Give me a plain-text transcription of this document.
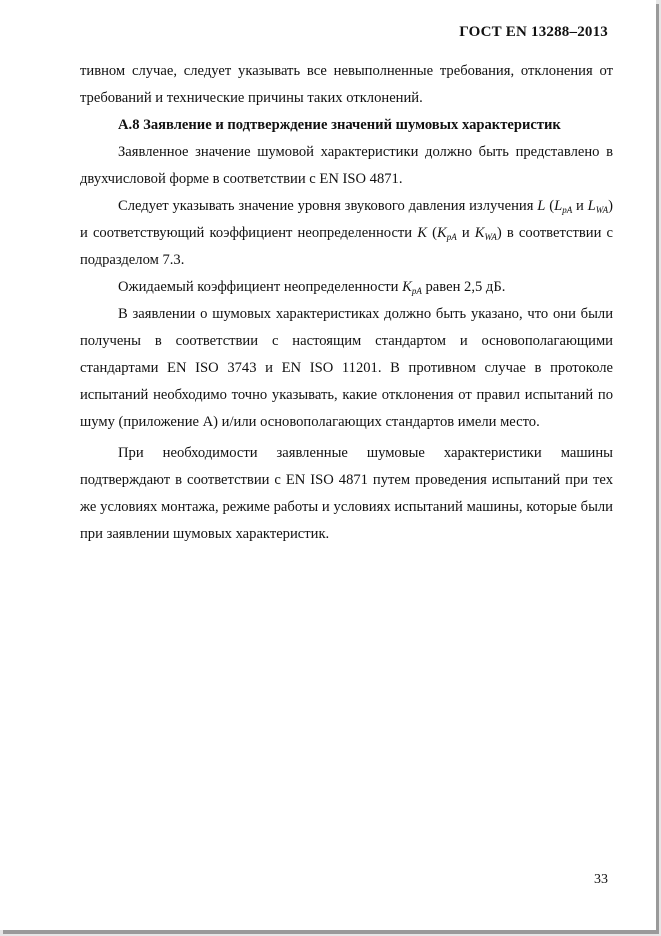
ГОСТ EN 13288–2013

тивном случае, следует указывать все невыполненные требования, отклонения от требований и технические причины таких отклонений.

A.8 Заявление и подтверждение значений шумовых характеристик

Заявленное значение шумовой характеристики должно быть представлено в двухчисловой форме в соответствии с EN ISO 4871.

Следует указывать значение уровня звукового давления излучения L ($L_{pA}$ и $L_{WA}$) и соответствующий коэффициент неопределенности K ($K_{pA}$ и $K_{WA}$) в соответствии с подразделом 7.3.

Ожидаемый коэффициент неопределенности $K_{pA}$ равен 2,5 дБ.

В заявлении о шумовых характеристиках должно быть указано, что они были получены в соответствии с настоящим стандартом и основополагающими стандартами EN ISO 3743 и EN ISO 11201. В противном случае в протоколе испытаний необходимо точно указывать, какие отклонения от правил испытаний по шуму (приложение А) и/или основополагающих стандартов имели место.

При необходимости заявленные шумовые характеристики машины подтверждают в соответствии с EN ISO 4871 путем проведения испытаний при тех же условиях монтажа, режиме работы и условиях испытаний машины, которые были при заявлении шумовых характеристик.

33
